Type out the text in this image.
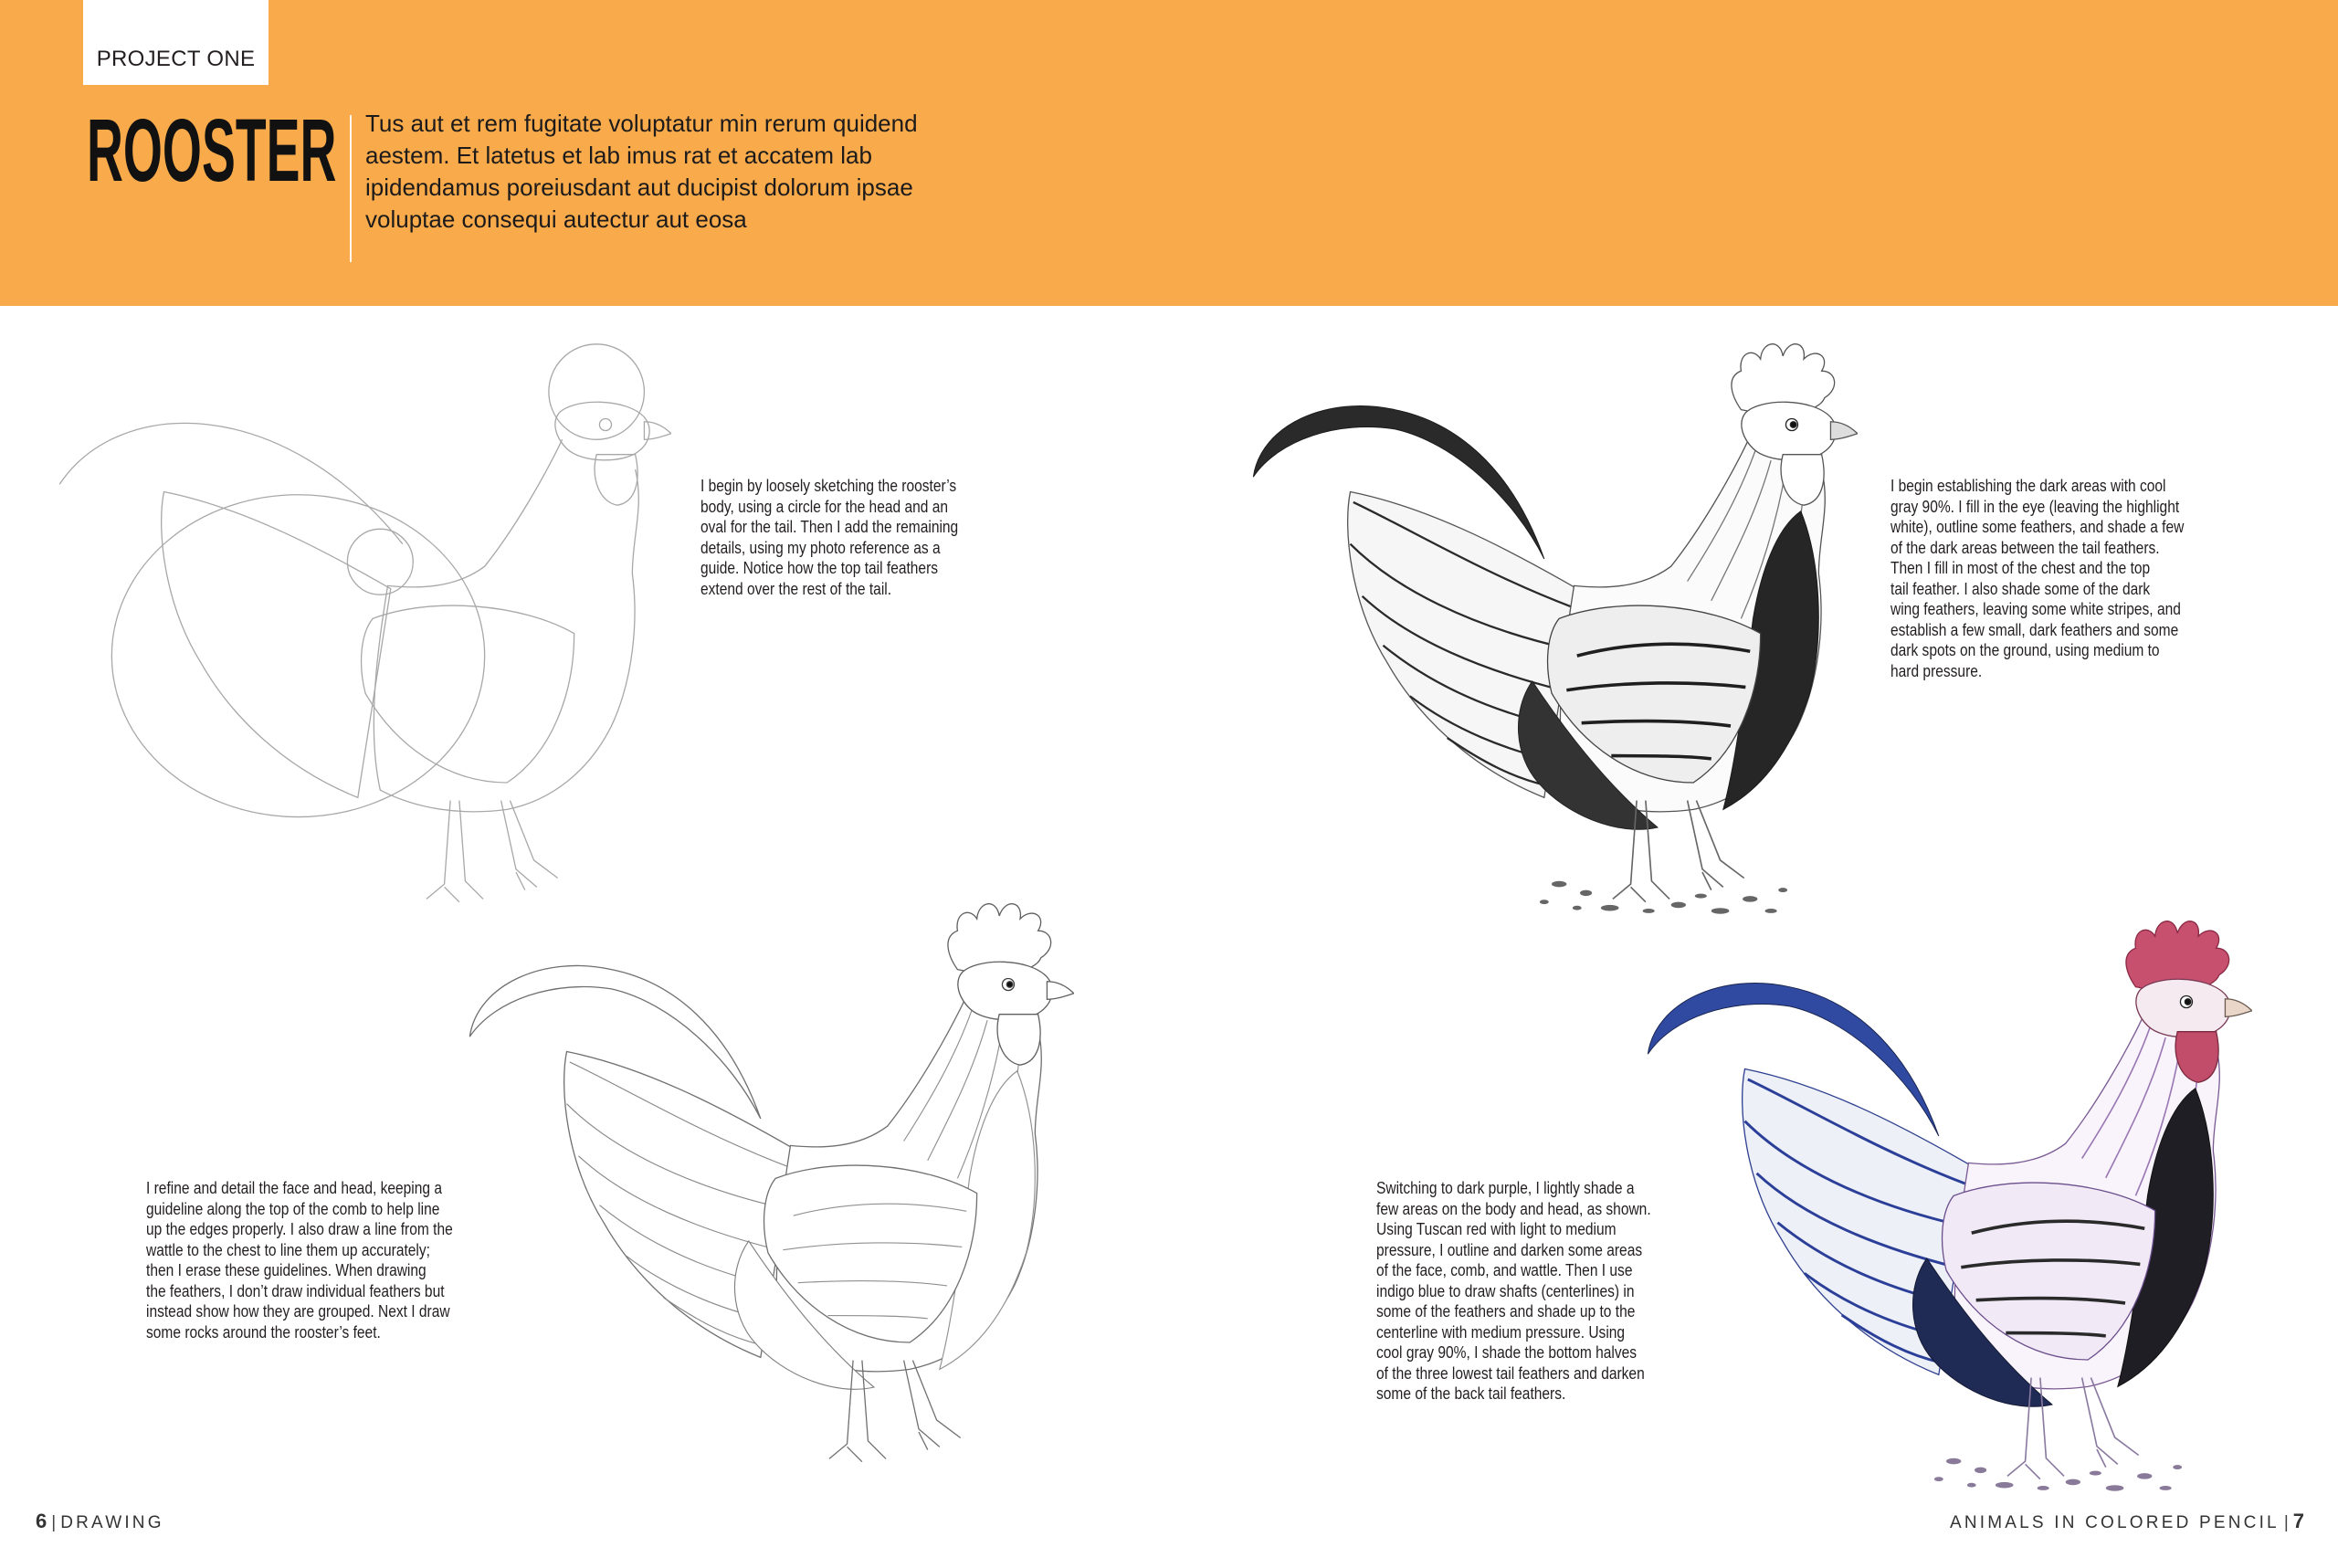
PROJECT ONE
ROOSTER Tus aut et rem fugitate voluptatur min rerum quidend
aestem. Et latetus et lab imus rat et accatem lab
ipidendamus poreiusdant aut ducipist dolorum ipsae
voluptae consequi autectur aut eosa
I begin by loosely sketching the rooster’s
body, using a circle for the head and an
oval for the tail. Then I add the remaining
details, using my photo reference as a
guide. Notice how the top tail feathers
extend over the rest of the tail.
I begin establishing the dark areas with cool
gray 90%. I fill in the eye (leaving the highlight
white), outline some feathers, and shade a few
of the dark areas between the tail feathers.
Then I fill in most of the chest and the top
tail feather. I also shade some of the dark
wing feathers, leaving some white stripes, and
establish a few small, dark feathers and some
dark spots on the ground, using medium to
hard pressure.
I refine and detail the face and head, keeping a
guideline along the top of the comb to help line
up the edges properly. I also draw a line from the
wattle to the chest to line them up accurately;
then I erase these guidelines. When drawing
the feathers, I don’t draw individual feathers but
instead show how they are grouped. Next I draw
some rocks around the rooster’s feet.
Switching to dark purple, I lightly shade a
few areas on the body and head, as shown.
Using Tuscan red with light to medium
pressure, I outline and darken some areas
of the face, comb, and wattle. Then I use
indigo blue to draw shafts (centerlines) in
some of the feathers and shade up to the
centerline with medium pressure. Using
cool gray 90%, I shade the bottom halves
of the three lowest tail feathers and darken
some of the back tail feathers.
6 | DRAWING	ANIMALS IN COLORED PENCIL | 7
